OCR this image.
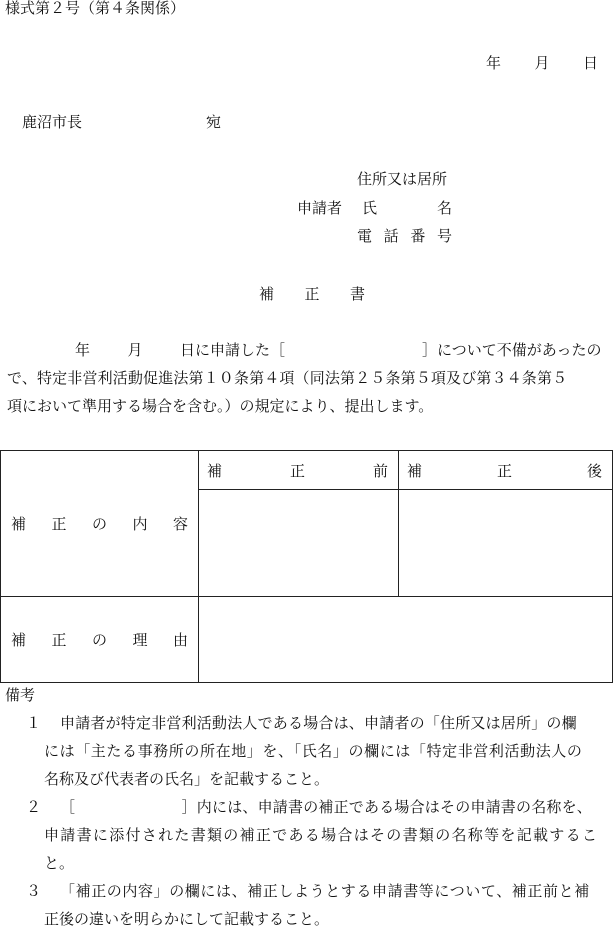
様式第２号（第４条関係）
年 月 日
鹿沼市長	宛
住所又は居所
申請者 氏	名
電 話 番 号
補 正 書
年 月 日に申請した［	］について不備があったの
で、特定非営利活動促進法第１０条第４項（同法第２５条第５項及び第３４条第５
項において準用する場合を含む。）の規定により、提出します。
補 正 の 内 容	補 正 前	補 正 後

補 正 の 理 由		

備考
１ 申請者が特定非営利活動法人である場合は、申請者の「住所又は居所」の欄
には「主たる事務所の所在地」を、「氏名」の欄には「特定非営利活動法人の
名称及び代表者の氏名」を記載すること。
２ ［　　　　　　　］内には、申請書の補正である場合はその申請書の名称を、
申請書に添付された書類の補正である場合はその書類の名称等を記載するこ
と。
３ 「補正の内容」の欄には、補正しようとする申請書等について、補正前と補
正後の違いを明らかにして記載すること。
